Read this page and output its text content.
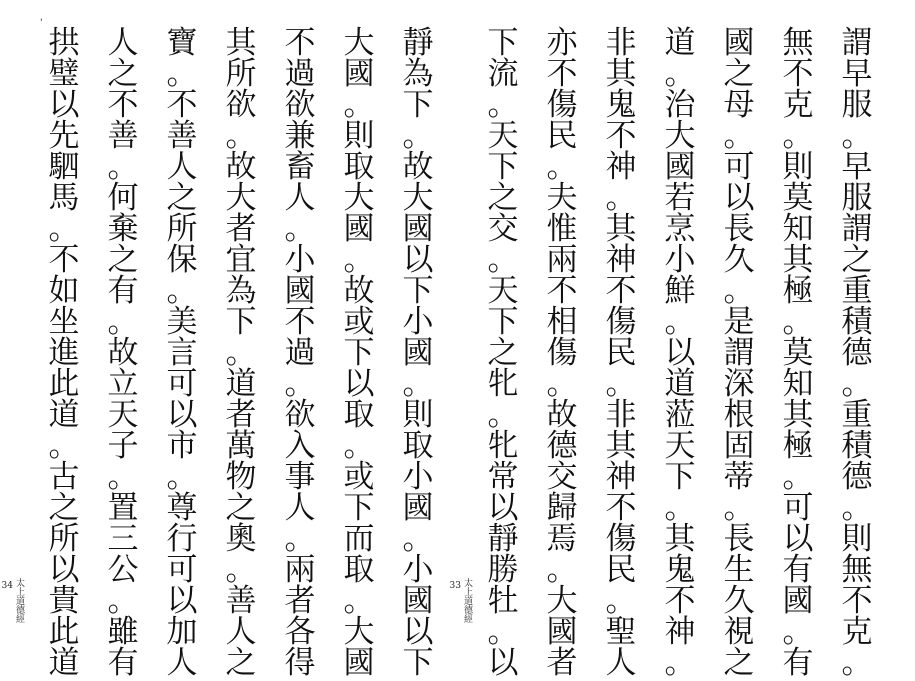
'
太上道德經
34
拱
璧
以
先
駟
馬
。
不
如
坐
進
此
道
。
古
之
所
以
貴
此
道
人
之
不
善
。
何
棄
之
有
。
故
立
天
子
。
置
三
公
。
雖
有
寶
。
不
善
人
之
所
保
。
美
言
可
以
市
。
尊
行
可
以
加
人
其
所
欲
。
故
大
者
宜
為
下
。
道
者
萬
物
之
奧
。
善
人
之
不
過
欲
兼
畜
人
。
小
國
不
過
。
欲
入
事
人
。
兩
者
各
得
大
國
。
則
取
大
國
。
故
或
下
以
取
。
或
下
而
取
。
大
國
靜
為
下
。
故
大
國
以
下
小
國
。
則
取
小
國
。
小
國
以
下
太上道德經
33
下
流
。
天
下
之
交
。
天
下
之
牝
。
牝
常
以
靜
勝
牡
。
以
亦
不
傷
民
。
夫
惟
兩
不
相
傷
。
故
德
交
歸
焉
。
大
國
者
非
其
鬼
不
神
。
其
神
不
傷
民
。
非
其
神
不
傷
民
。
聖
人
道
。
治
大
國
若
烹
小
鮮
。
以
道
蒞
天
下
。
其
鬼
不
神
。
國
之
母
。
可
以
長
久
。
是
謂
深
根
固
蒂
。
長
生
久
視
之
無
不
克
。
則
莫
知
其
極
。
莫
知
其
極
。
可
以
有
國
。
有
謂
早
服
。
早
服
謂
之
重
積
德
。
重
積
德
。
則
無
不
克
。
